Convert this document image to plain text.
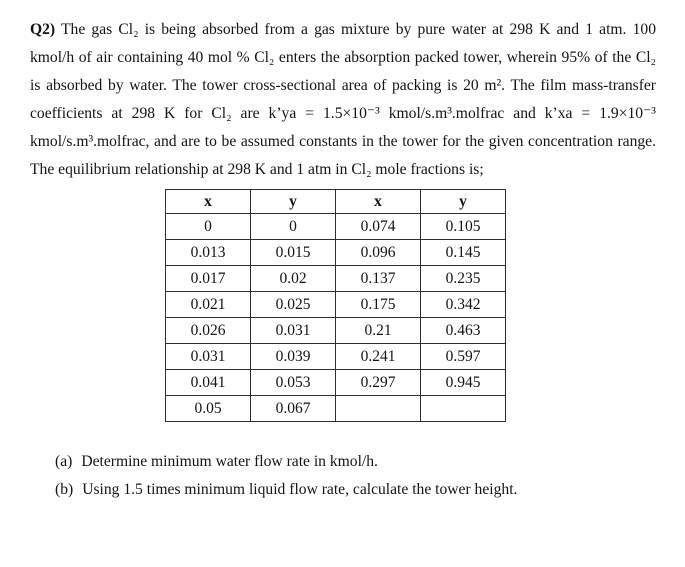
Q2) The gas Cl₂ is being absorbed from a gas mixture by pure water at 298 K and 1 atm. 100 kmol/h of air containing 40 mol % Cl₂ enters the absorption packed tower, wherein 95% of the Cl₂ is absorbed by water. The tower cross-sectional area of packing is 20 m². The film mass-transfer coefficients at 298 K for Cl₂ are k’ya = 1.5×10⁻³ kmol/s.m³.molfrac and k’xa = 1.9×10⁻³ kmol/s.m³.molfrac, and are to be assumed constants in the tower for the given concentration range. The equilibrium relationship at 298 K and 1 atm in Cl₂ mole fractions is;

x	y	x	y
0	0	0.074	0.105
0.013	0.015	0.096	0.145
0.017	0.02	0.137	0.235
0.021	0.025	0.175	0.342
0.026	0.031	0.21	0.463
0.031	0.039	0.241	0.597
0.041	0.053	0.297	0.945
0.05	0.067		
(a) Determine minimum water flow rate in kmol/h.
(b) Using 1.5 times minimum liquid flow rate, calculate the tower height.
